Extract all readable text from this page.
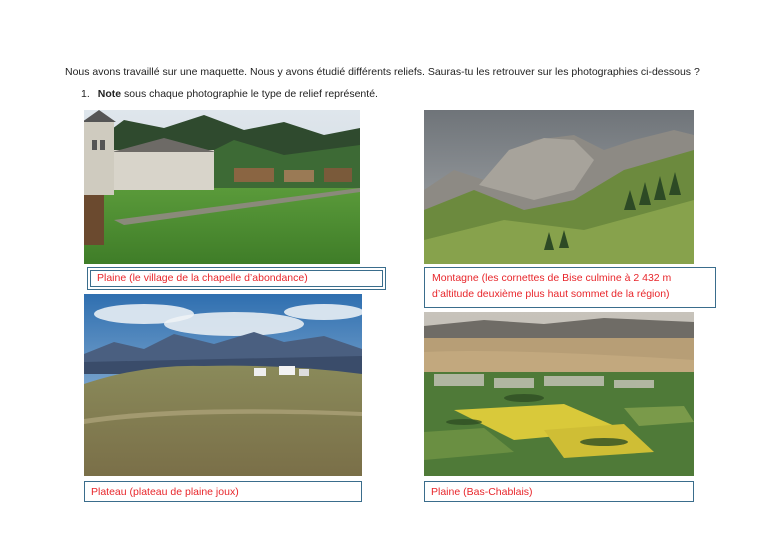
Nous avons travaillé sur une maquette. Nous y avons étudié différents reliefs. Sauras-tu les retrouver sur les photographies ci-dessous ?
1. Note sous chaque photographie le type de relief représenté.
Plaine (le village de la chapelle d’abondance)	Montagne (les cornettes de Bise culmine à 2 432 m d’altitude deuxième plus haut sommet de la région)
Plateau (plateau de plaine joux)	Plaine (Bas-Chablais)
